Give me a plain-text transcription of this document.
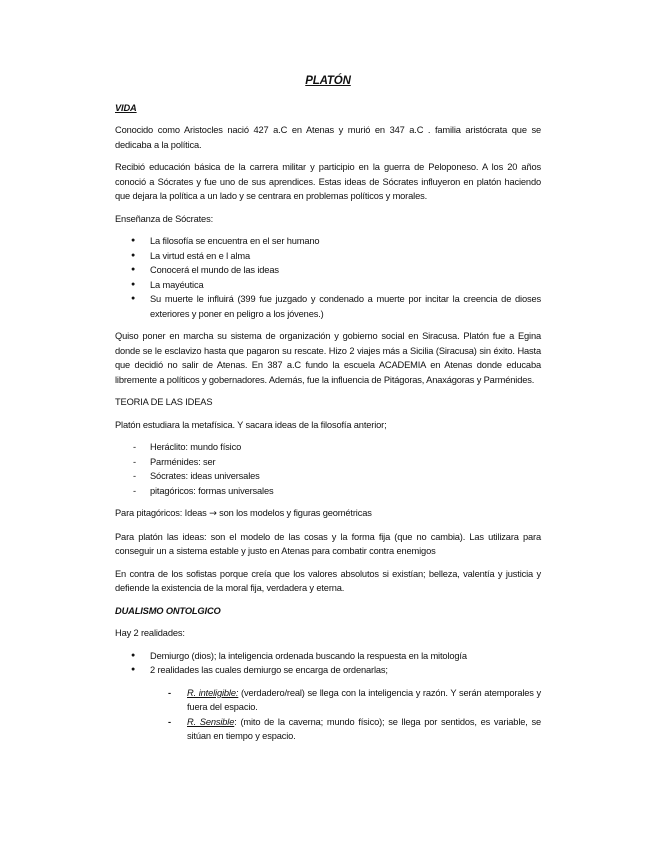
PLATÓN
VIDA

Conocido como Aristocles nació 427 a.C en Atenas y murió en 347 a.C . familia aristócrata que se dedicaba a la política.

Recibió educación básica de la carrera militar y participio en la guerra de Peloponeso. A los 20 años conoció a Sócrates y fue uno de sus aprendices. Estas ideas de Sócrates influyeron en platón haciendo que dejara la política a un lado y se centrara en problemas políticos y morales.

Enseñanza de Sócrates:
● La filosofía se encuentra en el ser humano
● La virtud está en e l alma
● Conocerá el mundo de las ideas
● La mayéutica
● Su muerte le influirá (399 fue juzgado y condenado a muerte por incitar la creencia de dioses exteriores y poner en peligro a los jóvenes.)

Quiso poner en marcha su sistema de organización y gobierno social en Siracusa. Platón fue a Egina donde se le esclavizo hasta que pagaron su rescate. Hizo 2 viajes más a Sicilia (Siracusa) sin éxito. Hasta que decidió no salir de Atenas. En 387 a.C fundo la escuela ACADEMIA en Atenas donde educaba libremente a políticos y gobernadores. Además, fue la influencia de Pitágoras, Anaxágoras y Parménides.

TEORIA DE LAS IDEAS

Platón estudiara la metafísica. Y sacara ideas de la filosofía anterior;

- Heráclito: mundo físico
- Parménides: ser
- Sócrates: ideas universales
- pitagóricos: formas universales

Para pitagóricos: Ideas → son los modelos y figuras geométricas

Para platón las ideas: son el modelo de las cosas y la forma fija (que no cambia). Las utilizara para conseguir un a sistema estable y justo en Atenas para combatir contra enemigos

En contra de los sofistas porque creía que los valores absolutos si existían; belleza, valentía y justicia y defiende la existencia de la moral fija, verdadera y eterna.

DUALISMO ONTOLGICO

Hay 2 realidades:

● Demiurgo (dios); la inteligencia ordenada buscando la respuesta en la mitología
● 2 realidades las cuales demiurgo se encarga de ordenarlas;
- R. inteligible: (verdadero/real) se llega con la inteligencia y razón. Y serán atemporales y fuera del espacio.
- R. Sensible: (mito de la caverna; mundo físico); se llega por sentidos, es variable, se sitúan en tiempo y espacio.
